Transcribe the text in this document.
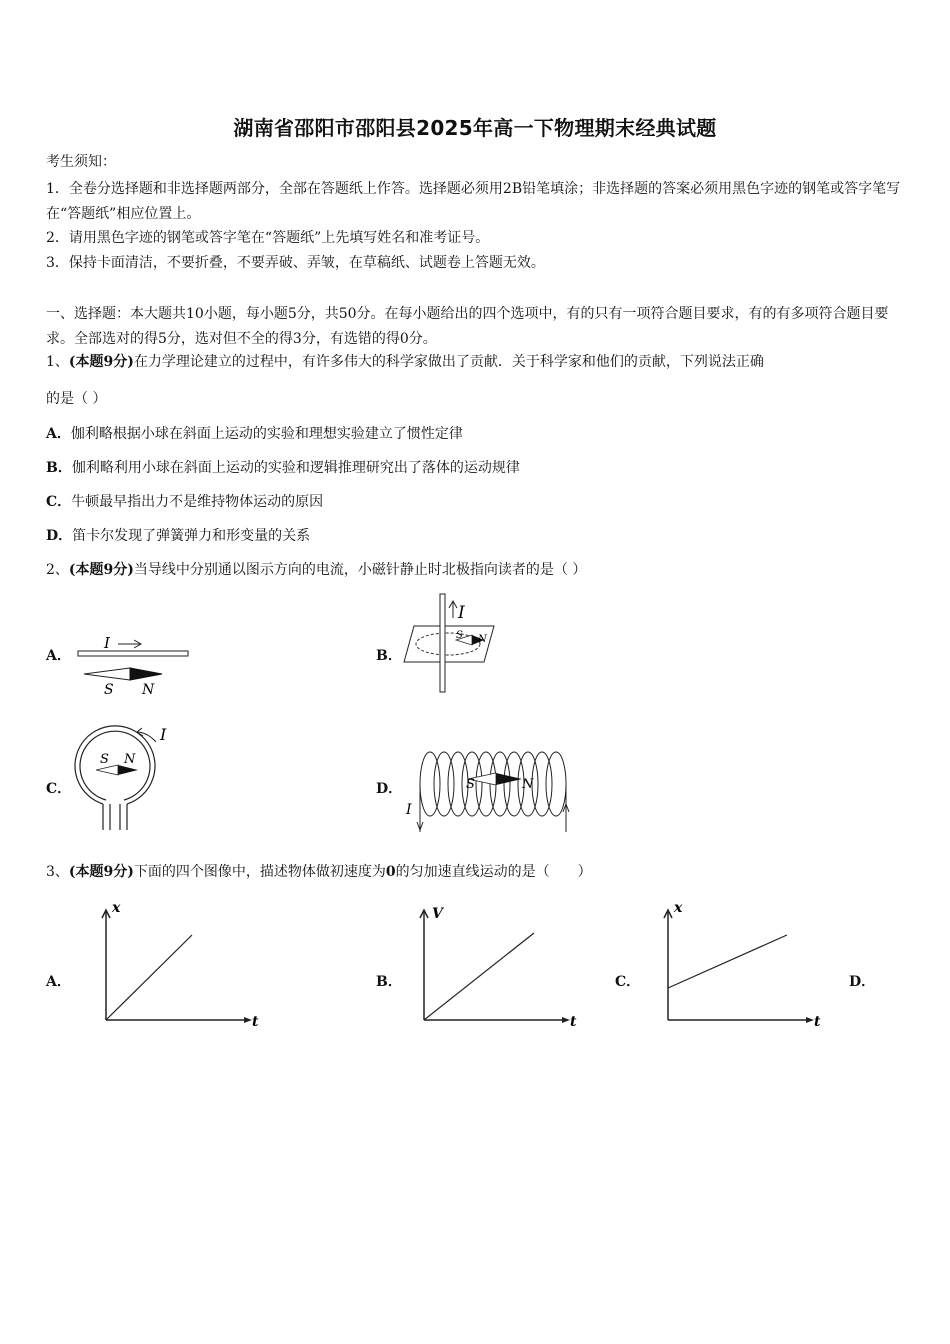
湖南省邵阳市邵阳县2025年高一下物理期末经典试题
考生须知：
1．全卷分选择题和非选择题两部分，全部在答题纸上作答。选择题必须用2B铅笔填涂；非选择题的答案必须用黑色字迹的钢笔或答字笔写在“答题纸”相应位置上。
2．请用黑色字迹的钢笔或答字笔在“答题纸”上先填写姓名和准考证号。
3．保持卡面清洁，不要折叠，不要弄破、弄皱，在草稿纸、试题卷上答题无效。
一、选择题：本大题共10小题，每小题5分，共50分。在每小题给出的四个选项中，有的只有一项符合题目要求，有的有多项符合题目要求。全部选对的得5分，选对但不全的得3分，有选错的得0分。
1、(本题9分)在力学理论建立的过程中，有许多伟大的科学家做出了贡献．关于科学家和他们的贡献，下列说法正确
的是（ ）
A．伽利略根据小球在斜面上运动的实验和理想实验建立了惯性定律
B．伽利略利用小球在斜面上运动的实验和逻辑推理研究出了落体的运动规律
C．牛顿最早指出力不是维持物体运动的原因
D．笛卡尔发现了弹簧弹力和形变量的关系
2、(本题9分)当导线中分别通以图示方向的电流，小磁针静止时北极指向读者的是（ ）
A．	B．
C．	D．
I
S N
I
S N
I
S N
I
S	N
3、(本题9分)下面的四个图像中，描述物体做初速度为0的匀加速直线运动的是（　　）
A．	B．	C．	D．
x
t
V
t
x
t
